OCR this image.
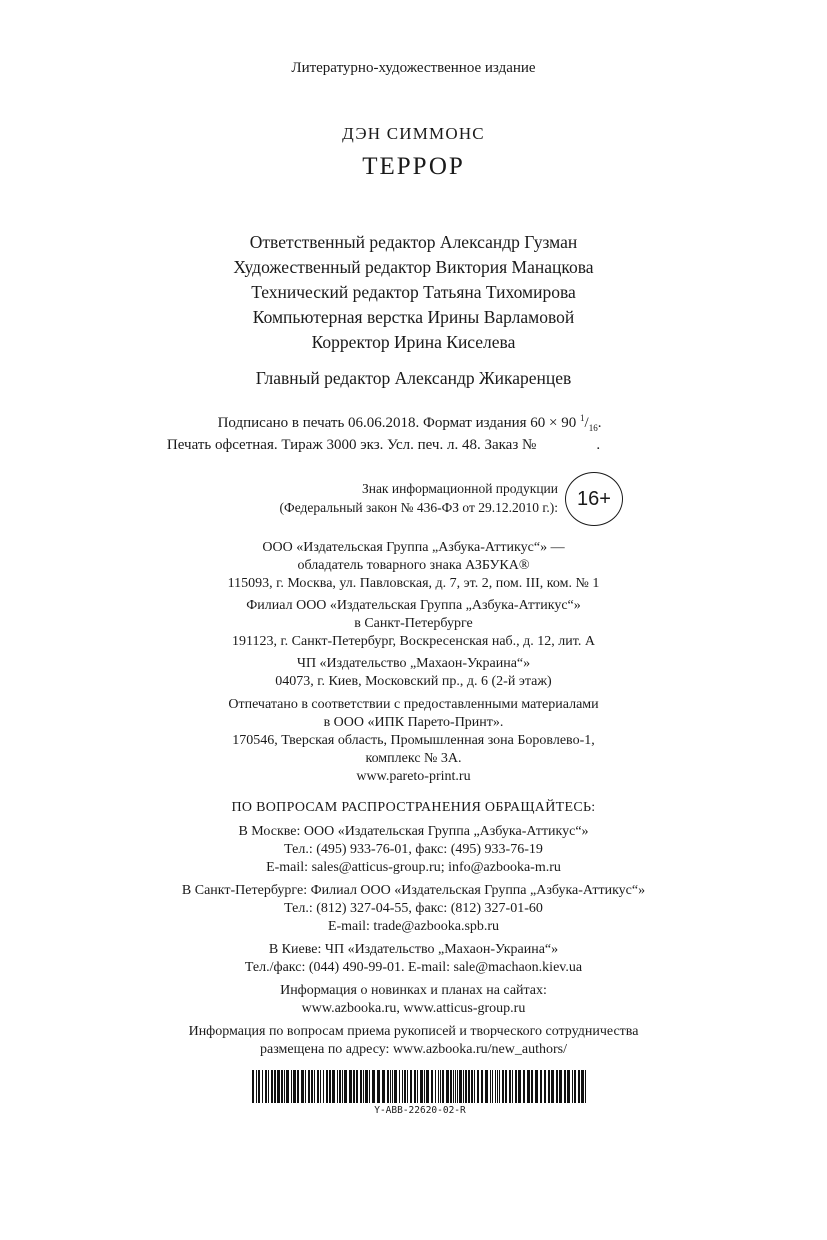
Литературно-художественное издание
ДЭН СИММОНС
ТЕРРОР
Ответственный редактор Александр Гузман
Художественный редактор Виктория Манацкова
Технический редактор Татьяна Тихомирова
Компьютерная верстка Ирины Варламовой
Корректор Ирина Киселева
Главный редактор Александр Жикаренцев
Подписано в печать 06.06.2018. Формат издания 60 × 90 $^1/_{16}$.
Печать офсетная. Тираж 3000 экз. Усл. печ. л. 48. Заказ №	.
Знак информационной продукции
(Федеральный закон № 436-ФЗ от 29.12.2010 г.): 16+
ООО «Издательская Группа „Азбука-Аттикус“» —
обладатель товарного знака АЗБУКА®
115093, г. Москва, ул. Павловская, д. 7, эт. 2, пом. III, ком. № 1
Филиал ООО «Издательская Группа „Азбука-Аттикус“»
в Санкт-Петербурге
191123, г. Санкт-Петербург, Воскресенская наб., д. 12, лит. А
ЧП «Издательство „Махаон-Украина“»
04073, г. Киев, Московский пр., д. 6 (2-й этаж)
Отпечатано в соответствии с предоставленными материалами
в ООО «ИПК Парето-Принт».
170546, Тверская область, Промышленная зона Боровлево-1,
комплекс № 3А.
www.pareto-print.ru
ПО ВОПРОСАМ РАСПРОСТРАНЕНИЯ ОБРАЩАЙТЕСЬ:
В Москве: ООО «Издательская Группа „Азбука-Аттикус“»
Тел.: (495) 933-76-01, факс: (495) 933-76-19
E-mail: sales@atticus-group.ru; info@azbooka-m.ru
В Санкт-Петербурге: Филиал ООО «Издательская Группа „Азбука-Аттикус“»
Тел.: (812) 327-04-55, факс: (812) 327-01-60
E-mail: trade@azbooka.spb.ru
В Киеве: ЧП «Издательство „Махаон-Украина“»
Тел./факс: (044) 490-99-01. E-mail: sale@machaon.kiev.ua
Информация о новинках и планах на сайтах:
www.azbooka.ru, www.atticus-group.ru
Информация по вопросам приема рукописей и творческого сотрудничества
размещена по адресу: www.azbooka.ru/new_authors/
Y-ABB-22620-02-R
